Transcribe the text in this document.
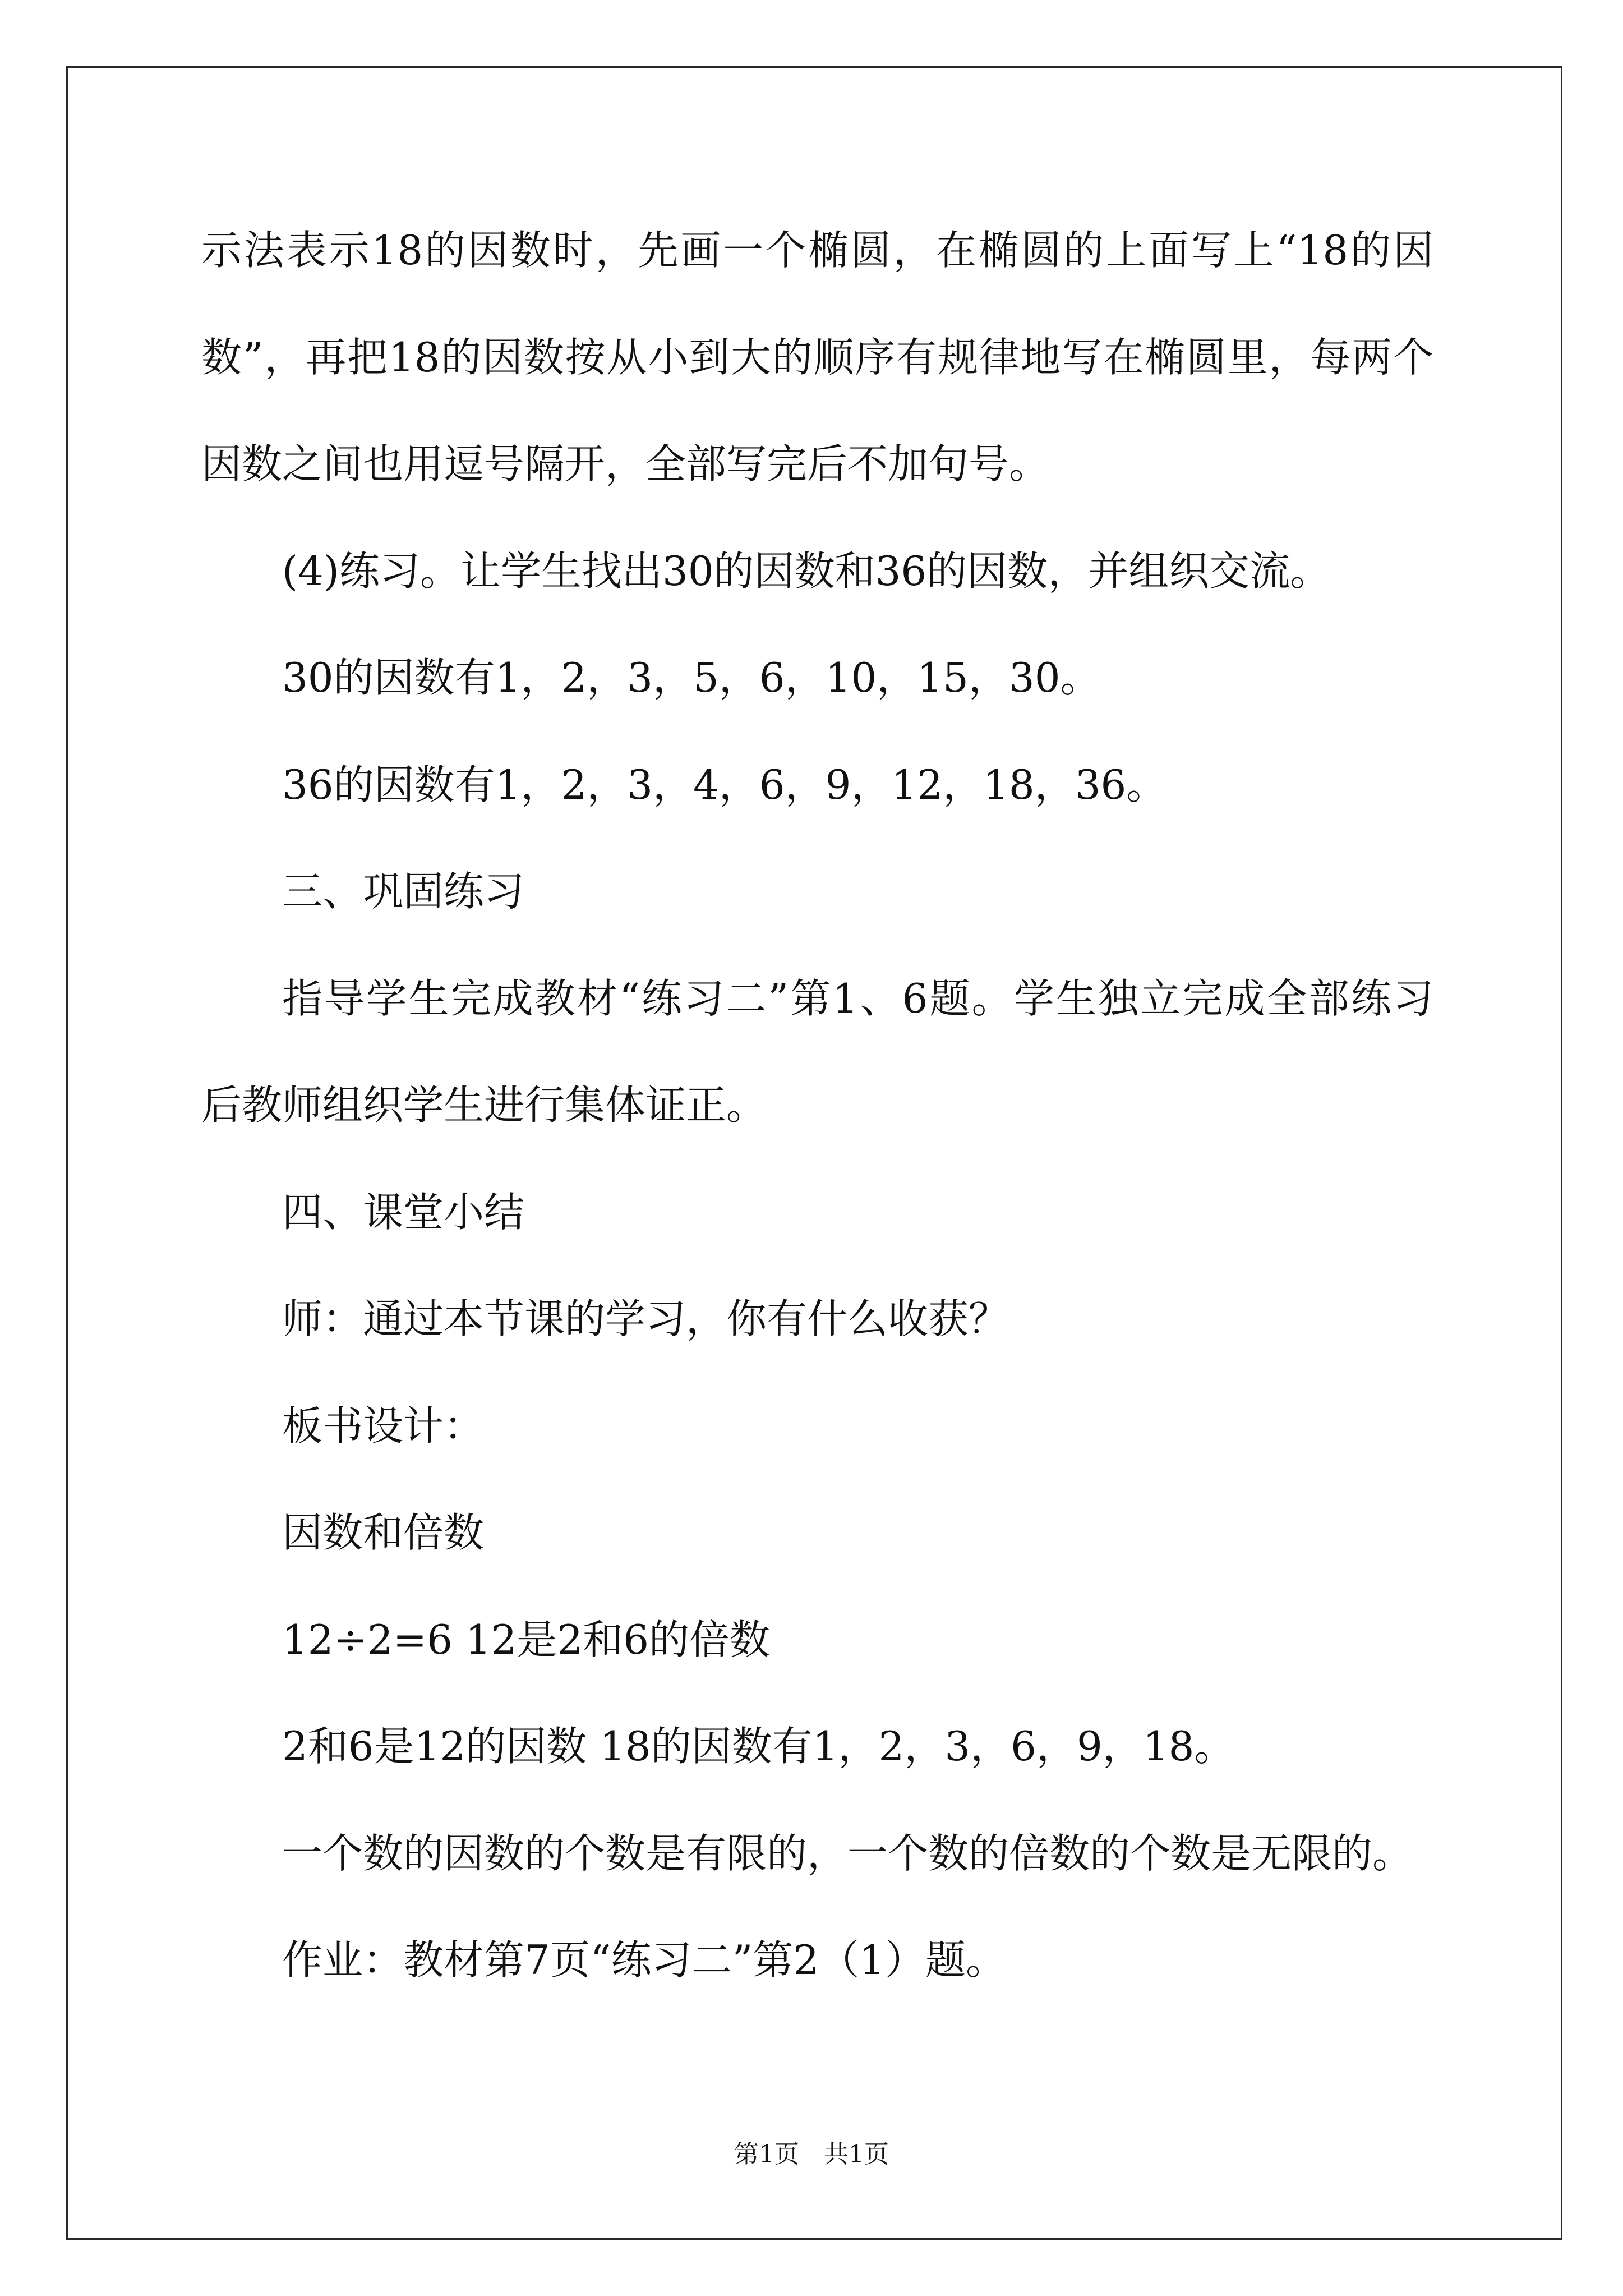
示法表示18的因数时，先画一个椭圆，在椭圆的上面写上“18的因
数”，再把18的因数按从小到大的顺序有规律地写在椭圆里，每两个
因数之间也用逗号隔开，全部写完后不加句号。
(4)练习。让学生找出30的因数和36的因数，并组织交流。
30的因数有1，2，3，5，6，10，15，30。
36的因数有1，2，3，4，6，9，12，18，36。
三、巩固练习
指导学生完成教材“练习二”第1、6题。学生独立完成全部练习
后教师组织学生进行集体证正。
四、课堂小结
师：通过本节课的学习，你有什么收获？
板书设计：
因数和倍数
12÷2=6 12是2和6的倍数
2和6是12的因数 18的因数有1，2，3，6，9，18。
一个数的因数的个数是有限的，一个数的倍数的个数是无限的。
作业：教材第7页“练习二”第2（1）题。
第1页　共1页
